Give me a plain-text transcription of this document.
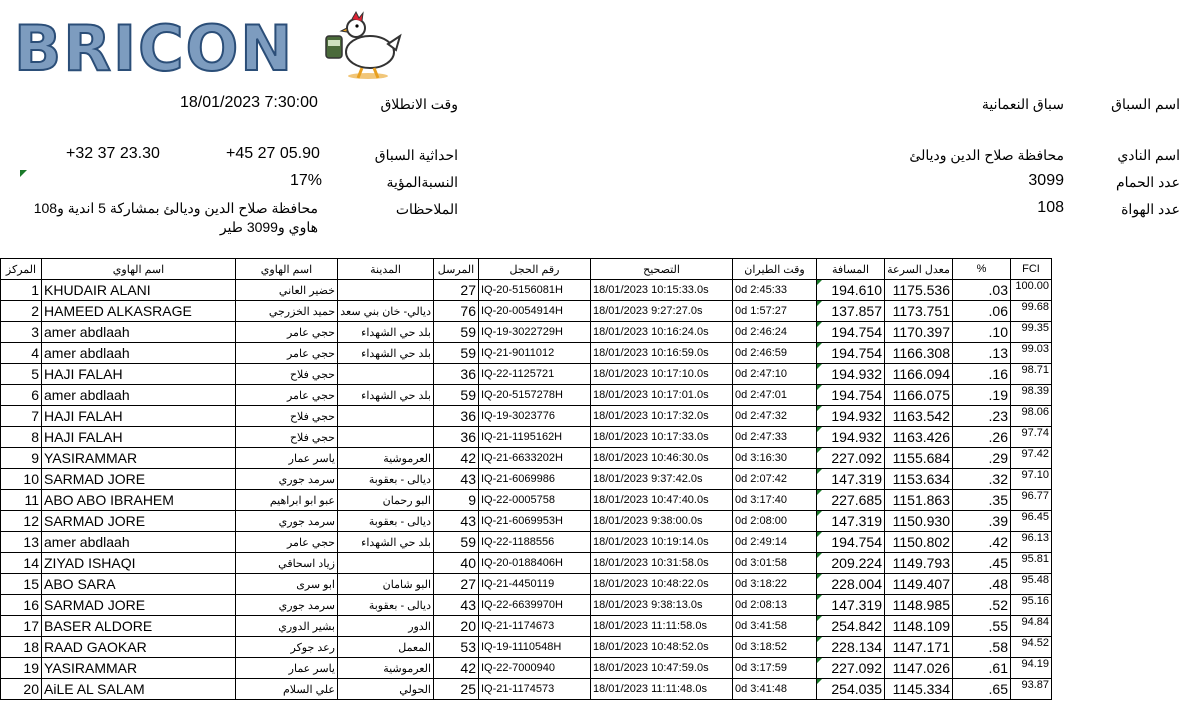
BRICON
اسم السباق
سباق النعمانية
وقت الانطلاق
18/01/2023 7:30:00
اسم النادي
محافظة صلاح الدين وديالئ
احداثية السباق
+45 27 05.90
+32 37 23.30
عدد الحمام
3099
النسبةالمؤية
17%
عدد الهواة
108
الملاحظات
محافظة صلاح الدين وديالئ بمشاركة 5 اندية و108
هاوي و3099 طير
المركز	اسم الهاوي	اسم الهاوي	المدينة	المرسل	رقم الحجل	التصحيح	وقت الطيران	المسافة	معدل السرعة	%	FCI
1	KHUDAIR ALANI	خضير العاني		27	IQ-20-5156081H	18/01/2023 10:15:33.0s	0d 2:45:33	194.610	1175.536	.03	100.00
2	HAMEED ALKASRAGE	حميد الخزرجي	ديالي- خان بني سعد	76	IQ-20-0054914H	18/01/2023 9:27:27.0s	0d 1:57:27	137.857	1173.751	.06	99.68
3	amer abdlaah	حجي عامر	بلد حي الشهداء	59	IQ-19-3022729H	18/01/2023 10:16:24.0s	0d 2:46:24	194.754	1170.397	.10	99.35
4	amer abdlaah	حجي عامر	بلد حي الشهداء	59	IQ-21-9011012	18/01/2023 10:16:59.0s	0d 2:46:59	194.754	1166.308	.13	99.03
5	HAJI FALAH	حجي فلاح		36	IQ-22-1125721	18/01/2023 10:17:10.0s	0d 2:47:10	194.932	1166.094	.16	98.71
6	amer abdlaah	حجي عامر	بلد حي الشهداء	59	IQ-20-5157278H	18/01/2023 10:17:01.0s	0d 2:47:01	194.754	1166.075	.19	98.39
7	HAJI FALAH	حجي فلاح		36	IQ-19-3023776	18/01/2023 10:17:32.0s	0d 2:47:32	194.932	1163.542	.23	98.06
8	HAJI FALAH	حجي فلاح		36	IQ-21-1195162H	18/01/2023 10:17:33.0s	0d 2:47:33	194.932	1163.426	.26	97.74
9	YASIRAMMAR	ياسر عمار	العرموشية	42	IQ-21-6633202H	18/01/2023 10:46:30.0s	0d 3:16:30	227.092	1155.684	.29	97.42
10	SARMAD JORE	سرمد جوري	ديالى - بعقوبة	43	IQ-21-6069986	18/01/2023 9:37:42.0s	0d 2:07:42	147.319	1153.634	.32	97.10
11	ABO ABO IBRAHEM	عبو ابو ابراهيم	البو رحمان	9	IQ-22-0005758	18/01/2023 10:47:40.0s	0d 3:17:40	227.685	1151.863	.35	96.77
12	SARMAD JORE	سرمد جوري	ديالى - بعقوبة	43	IQ-21-6069953H	18/01/2023 9:38:00.0s	0d 2:08:00	147.319	1150.930	.39	96.45
13	amer abdlaah	حجي عامر	بلد حي الشهداء	59	IQ-22-1188556	18/01/2023 10:19:14.0s	0d 2:49:14	194.754	1150.802	.42	96.13
14	ZIYAD ISHAQI	زياد اسحاقي		40	IQ-20-0188406H	18/01/2023 10:31:58.0s	0d 3:01:58	209.224	1149.793	.45	95.81
15	ABO SARA	ابو سرى	البو شامان	27	IQ-21-4450119	18/01/2023 10:48:22.0s	0d 3:18:22	228.004	1149.407	.48	95.48
16	SARMAD JORE	سرمد جوري	ديالى - بعقوبة	43	IQ-22-6639970H	18/01/2023 9:38:13.0s	0d 2:08:13	147.319	1148.985	.52	95.16
17	BASER ALDORE	بشير الدوري	الدور	20	IQ-21-1174673	18/01/2023 11:11:58.0s	0d 3:41:58	254.842	1148.109	.55	94.84
18	RAAD GAOKAR	رعد جوكر	المعمل	53	IQ-19-1110548H	18/01/2023 10:48:52.0s	0d 3:18:52	228.134	1147.171	.58	94.52
19	YASIRAMMAR	ياسر عمار	العرموشية	42	IQ-22-7000940	18/01/2023 10:47:59.0s	0d 3:17:59	227.092	1147.026	.61	94.19
20	AiLE AL SALAM	علي السلام	الحولي	25	IQ-21-1174573	18/01/2023 11:11:48.0s	0d 3:41:48	254.035	1145.334	.65	93.87
